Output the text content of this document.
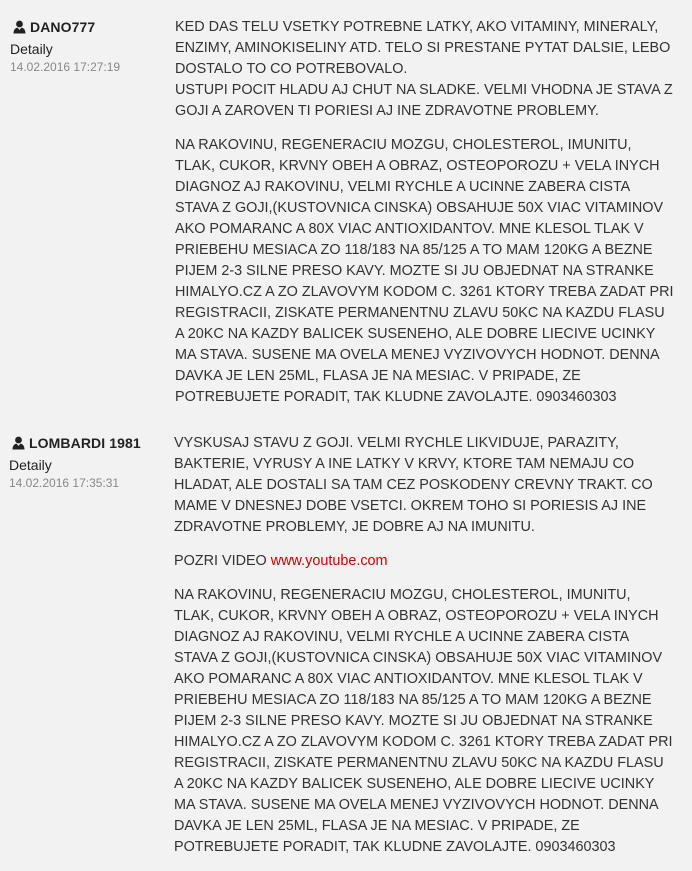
DANO777
Detaily
14.02.2016 17:27:19

KED DAS TELU VSETKY POTREBNE LATKY, AKO VITAMINY, MINERALY, ENZIMY, AMINOKISELINY ATD. TELO SI PRESTANE PYTAT DALSIE, LEBO DOSTALO TO CO POTREBOVALO.
USTUPI POCIT HLADU AJ CHUT NA SLADKE. VELMI VHODNA JE STAVA Z GOJI A ZAROVEN TI PORIESI AJ INE ZDRAVOTNE PROBLEMY.

NA RAKOVINU, REGENERACIU MOZGU, CHOLESTEROL, IMUNITU, TLAK, CUKOR, KRVNY OBEH A OBRAZ, OSTEOPOROZU + VELA INYCH DIAGNOZ AJ RAKOVINU, VELMI RYCHLE A UCINNE ZABERA CISTA STAVA Z GOJI,(KUSTOVNICA CINSKA) OBSAHUJE 50X VIAC VITAMINOV AKO POMARANC A 80X VIAC ANTIOXIDANTOV. MNE KLESOL TLAK V PRIEBEHU MESIACA ZO 118/183 NA 85/125 A TO MAM 120KG A BEZNE PIJEM 2-3 SILNE PRESO KAVY. MOZTE SI JU OBJEDNAT NA STRANKE HIMALYO.CZ A ZO ZLAVOVYM KODOM C. 3261 KTORY TREBA ZADAT PRI REGISTRACII, ZISKATE PERMANENTNU ZLAVU 50KC NA KAZDU FLASU A 20KC NA KAZDY BALICEK SUSENEHO, ALE DOBRE LIECIVE UCINKY MA STAVA. SUSENE MA OVELA MENEJ VYZIVOVYCH HODNOT. DENNA DAVKA JE LEN 25ML, FLASA JE NA MESIAC. V PRIPADE, ZE POTREBUJETE PORADIT, TAK KLUDNE ZAVOLAJTE. 0903460303

LOMBARDI 1981
Detaily
14.02.2016 17:35:31

VYSKUSAJ STAVU Z GOJI. VELMI RYCHLE LIKVIDUJE, PARAZITY, BAKTERIE, VYRUSY A INE LATKY V KRVY, KTORE TAM NEMAJU CO HLADAT, ALE DOSTALI SA TAM CEZ POSKODENY CREVNY TRAKT. CO MAME V DNESNEJ DOBE VSETCI. OKREM TOHO SI PORIESIS AJ INE ZDRAVOTNE PROBLEMY, JE DOBRE AJ NA IMUNITU.

POZRI VIDEO www.youtube.com

NA RAKOVINU, REGENERACIU MOZGU, CHOLESTEROL, IMUNITU, TLAK, CUKOR, KRVNY OBEH A OBRAZ, OSTEOPOROZU + VELA INYCH DIAGNOZ AJ RAKOVINU, VELMI RYCHLE A UCINNE ZABERA CISTA STAVA Z GOJI,(KUSTOVNICA CINSKA) OBSAHUJE 50X VIAC VITAMINOV AKO POMARANC A 80X VIAC ANTIOXIDANTOV. MNE KLESOL TLAK V PRIEBEHU MESIACA ZO 118/183 NA 85/125 A TO MAM 120KG A BEZNE PIJEM 2-3 SILNE PRESO KAVY. MOZTE SI JU OBJEDNAT NA STRANKE HIMALYO.CZ A ZO ZLAVOVYM KODOM C. 3261 KTORY TREBA ZADAT PRI REGISTRACII, ZISKATE PERMANENTNU ZLAVU 50KC NA KAZDU FLASU A 20KC NA KAZDY BALICEK SUSENEHO, ALE DOBRE LIECIVE UCINKY MA STAVA. SUSENE MA OVELA MENEJ VYZIVOVYCH HODNOT. DENNA DAVKA JE LEN 25ML, FLASA JE NA MESIAC. V PRIPADE, ZE POTREBUJETE PORADIT, TAK KLUDNE ZAVOLAJTE. 0903460303
